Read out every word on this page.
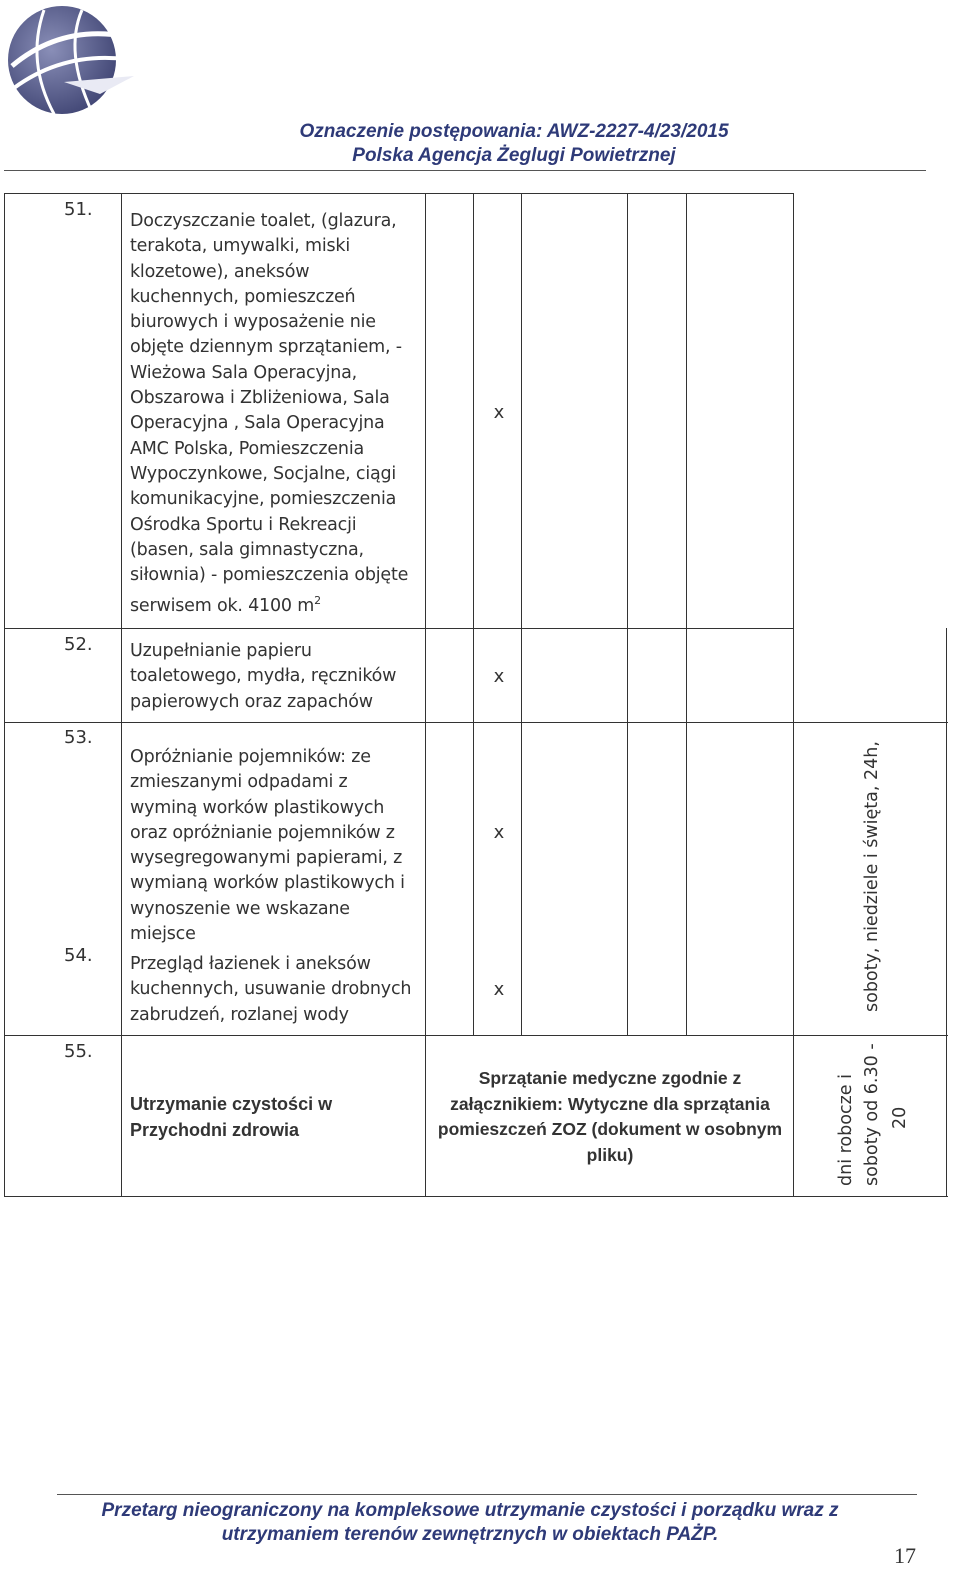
Oznaczenie postępowania: AWZ-2227-4/23/2015
Polska Agencja Żeglugi Powietrznej
51.
Doczyszczanie toalet, (glazura, terakota, umywalki, miski klozetowe), aneksów kuchennych, pomieszczeń biurowych i wyposażenie nie objęte dziennym sprzątaniem, - Wieżowa Sala Operacyjna, Obszarowa i Zbliżeniowa, Sala Operacyjna , Sala Operacyjna AMC Polska, Pomieszczenia Wypoczynkowe, Socjalne, ciągi komunikacyjne, pomieszczenia Ośrodka Sportu i Rekreacji (basen, sala gimnastyczna, siłownia) - pomieszczenia objęte serwisem ok. 4100 $m^2$
x
52. Uzupełnianie papieru toaletowego, mydła, ręczników papierowych oraz zapachów
x
53.
Opróżnianie pojemników: ze zmieszanymi odpadami z wyminą worków plastikowych oraz opróżnianie pojemników z wysegregowanymi papierami, z wymianą worków plastikowych i wynoszenie we wskazane miejsce
x
54. Przegląd łazienek i aneksów kuchennych, usuwanie drobnych zabrudzeń, rozlanej wody
x	soboty, niedziele i święta, 24h,
55.
Utrzymanie czystości w Przychodni zdrowia
Sprzątanie medyczne zgodnie z załącznikiem: Wytyczne dla sprzątania pomieszczeń ZOZ (dokument w osobnym pliku)	dni robocze i soboty od 6.30 - 20
Przetarg nieograniczony na kompleksowe utrzymanie czystości i porządku wraz z
utrzymaniem terenów zewnętrznych w obiektach PAŻP.
17
